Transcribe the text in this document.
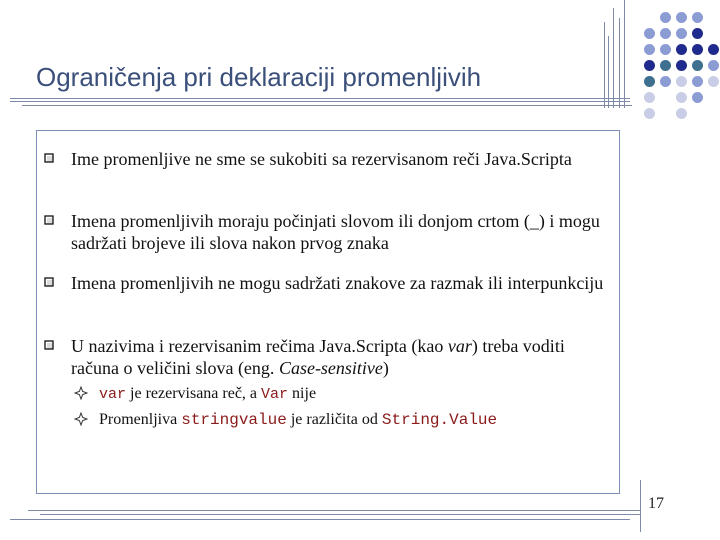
Ograničenja pri deklaraciji promenljivih
Ime promenljive ne sme se sukobiti sa rezervisanom reči Java.Scripta
Imena promenljivih moraju počinjati slovom ili donjom crtom (_) i mogu sadržati brojeve ili slova nakon prvog znaka
Imena promenljivih ne mogu sadržati znakove za razmak ili interpunkciju
U nazivima i rezervisanim rečima Java.Scripta (kao var) treba voditi računa o veličini slova (eng. Case-sensitive)
var je rezervisana reč, a Var nije
Promenljiva stringvalue je različita od String.Value
17
